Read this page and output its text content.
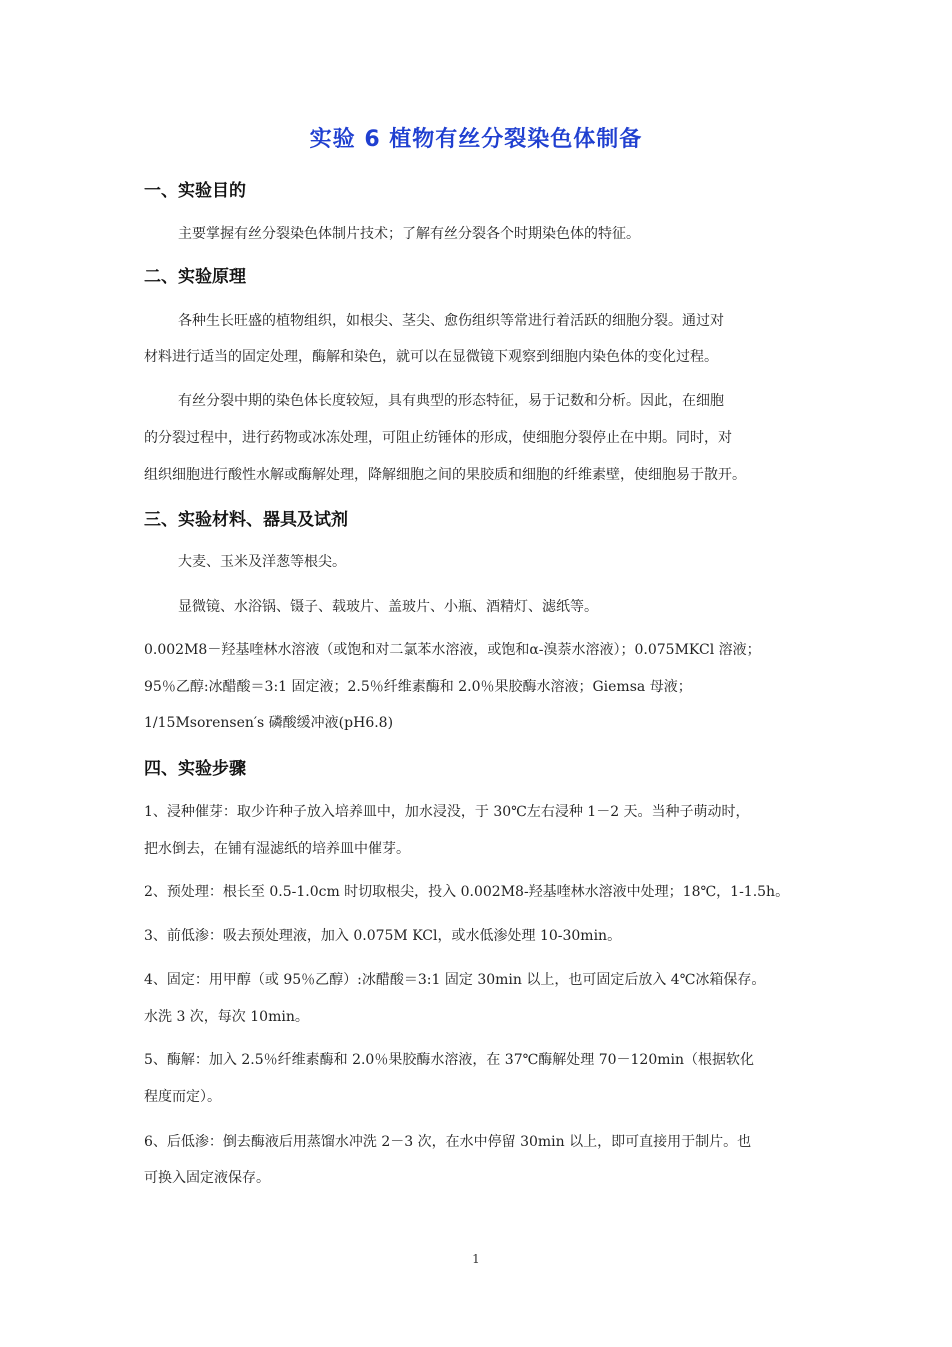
实验 6 植物有丝分裂染色体制备
一、实验目的
主要掌握有丝分裂染色体制片技术；了解有丝分裂各个时期染色体的特征。
二、实验原理
各种生长旺盛的植物组织，如根尖、茎尖、愈伤组织等常进行着活跃的细胞分裂。通过对
材料进行适当的固定处理，酶解和染色，就可以在显微镜下观察到细胞内染色体的变化过程。
有丝分裂中期的染色体长度较短，具有典型的形态特征，易于记数和分析。因此，在细胞
的分裂过程中，进行药物或冰冻处理，可阻止纺锤体的形成，使细胞分裂停止在中期。同时，对
组织细胞进行酸性水解或酶解处理，降解细胞之间的果胶质和细胞的纤维素壁，使细胞易于散开。
三、实验材料、器具及试剂
大麦、玉米及洋葱等根尖。
显微镜、水浴锅、镊子、载玻片、盖玻片、小瓶、酒精灯、滤纸等。
0.002M8－羟基喹林水溶液（或饱和对二氯苯水溶液，或饱和α-溴萘水溶液）；0.075MKCl 溶液；
95％乙醇:冰醋酸＝3:1 固定液；2.5％纤维素酶和 2.0％果胶酶水溶液；Giemsa 母液；
1/15Msorensen′s 磷酸缓冲液(pH6.8)
四、实验步骤
1、浸种催芽：取少许种子放入培养皿中，加水浸没，于 30℃左右浸种 1－2 天。当种子萌动时，
把水倒去，在铺有湿滤纸的培养皿中催芽。
2、预处理：根长至 0.5-1.0cm 时切取根尖，投入 0.002M8-羟基喹林水溶液中处理；18℃，1-1.5h。
3、前低渗：吸去预处理液，加入 0.075M KCl，或水低渗处理 10-30min。
4、固定：用甲醇（或 95％乙醇）:冰醋酸＝3:1 固定 30min 以上，也可固定后放入 4℃冰箱保存。
水洗 3 次，每次 10min。
5、酶解：加入 2.5％纤维素酶和 2.0％果胶酶水溶液，在 37℃酶解处理 70－120min（根据软化
程度而定）。
6、后低渗：倒去酶液后用蒸馏水冲洗 2－3 次，在水中停留 30min 以上，即可直接用于制片。也
可换入固定液保存。
1
